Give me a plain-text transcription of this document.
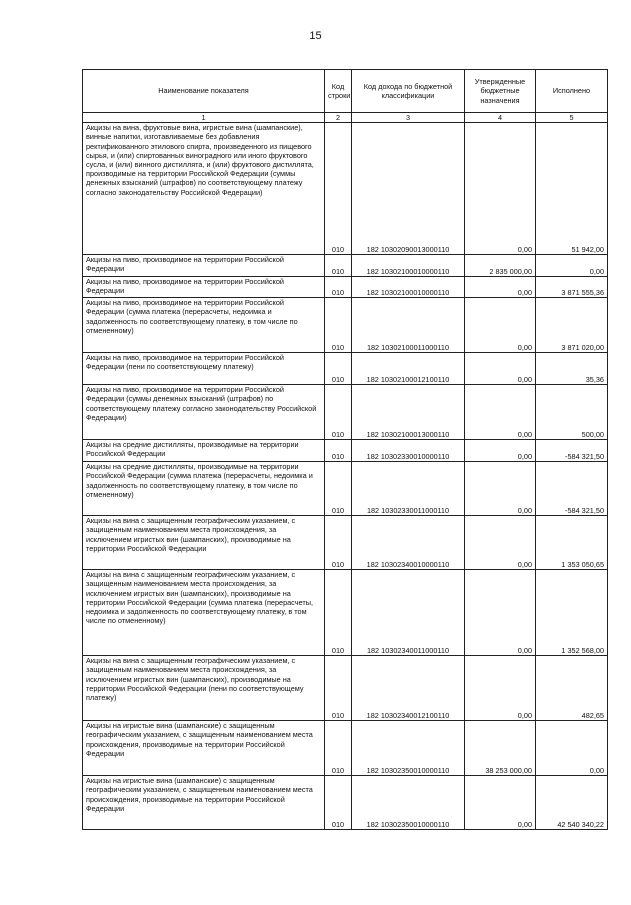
15
Наименование показателя	Код строки	Код дохода по бюджетной классификации	Утвержденные бюджетные назначения	Исполнено
1	2	3	4	5
Акцизы на вина, фруктовые вина, игристые вина (шампанские), винные напитки, изготавливаемые без добавления ректификованного этилового спирта, произведенного из пищевого сырья, и (или) спиртованных виноградного или иного фруктового сусла, и (или) винного дистиллята, и (или) фруктового дистиллята, производимые на территории Российской Федерации (суммы денежных взысканий (штрафов) по соответствующему платежу согласно законодательству Российской Федерации)	010	182 10302090013000110	0,00	51 942,00
Акцизы на пиво, производимое на территории Российской Федерации	010	182 10302100010000110	2 835 000,00	0,00
Акцизы на пиво, производимое на территории Российской Федерации	010	182 10302100010000110	0,00	3 871 555,36
Акцизы на пиво, производимое на территории Российской Федерации (сумма платежа (перерасчеты, недоимка и задолженность по соответствующему платежу, в том числе по отмененному)	010	182 10302100011000110	0,00	3 871 020,00
Акцизы на пиво, производимое на территории Российской Федерации (пени по соответствующему платежу)	010	182 10302100012100110	0,00	35,36
Акцизы на пиво, производимое на территории Российской Федерации (суммы денежных взысканий (штрафов) по соответствующему платежу согласно законодательству Российской Федерации)	010	182 10302100013000110	0,00	500,00
Акцизы на средние дистилляты, производимые на территории Российской Федерации	010	182 10302330010000110	0,00	-584 321,50
Акцизы на средние дистилляты, производимые на территории Российской Федерации (сумма платежа (перерасчеты, недоимка и задолженность по соответствующему платежу, в том числе по отмененному)	010	182 10302330011000110	0,00	-584 321,50
Акцизы на вина с защищенным географическим указанием, с защищенным наименованием места происхождения, за исключением игристых вин (шампанских), производимые на территории Российской Федерации	010	182 10302340010000110	0,00	1 353 050,65
Акцизы на вина с защищенным географическим указанием, с защищенным наименованием места происхождения, за исключением игристых вин (шампанских), производимые на территории Российской Федерации (сумма платежа (перерасчеты, недоимка и задолженность по соответствующему платежу, в том числе по отмененному)	010	182 10302340011000110	0,00	1 352 568,00
Акцизы на вина с защищенным географическим указанием, с защищенным наименованием места происхождения, за исключением игристых вин (шампанских), производимые на территории Российской Федерации (пени по соответствующему платежу)	010	182 10302340012100110	0,00	482,65
Акцизы на игристые вина (шампанские) с защищенным географическим указанием, с защищенным наименованием места происхождения, производимые на территории Российской Федерации	010	182 10302350010000110	38 253 000,00	0,00
Акцизы на игристые вина (шампанские) с защищенным географическим указанием, с защищенным наименованием места происхождения, производимые на территории Российской Федерации	010	182 10302350010000110	0,00	42 540 340,22
